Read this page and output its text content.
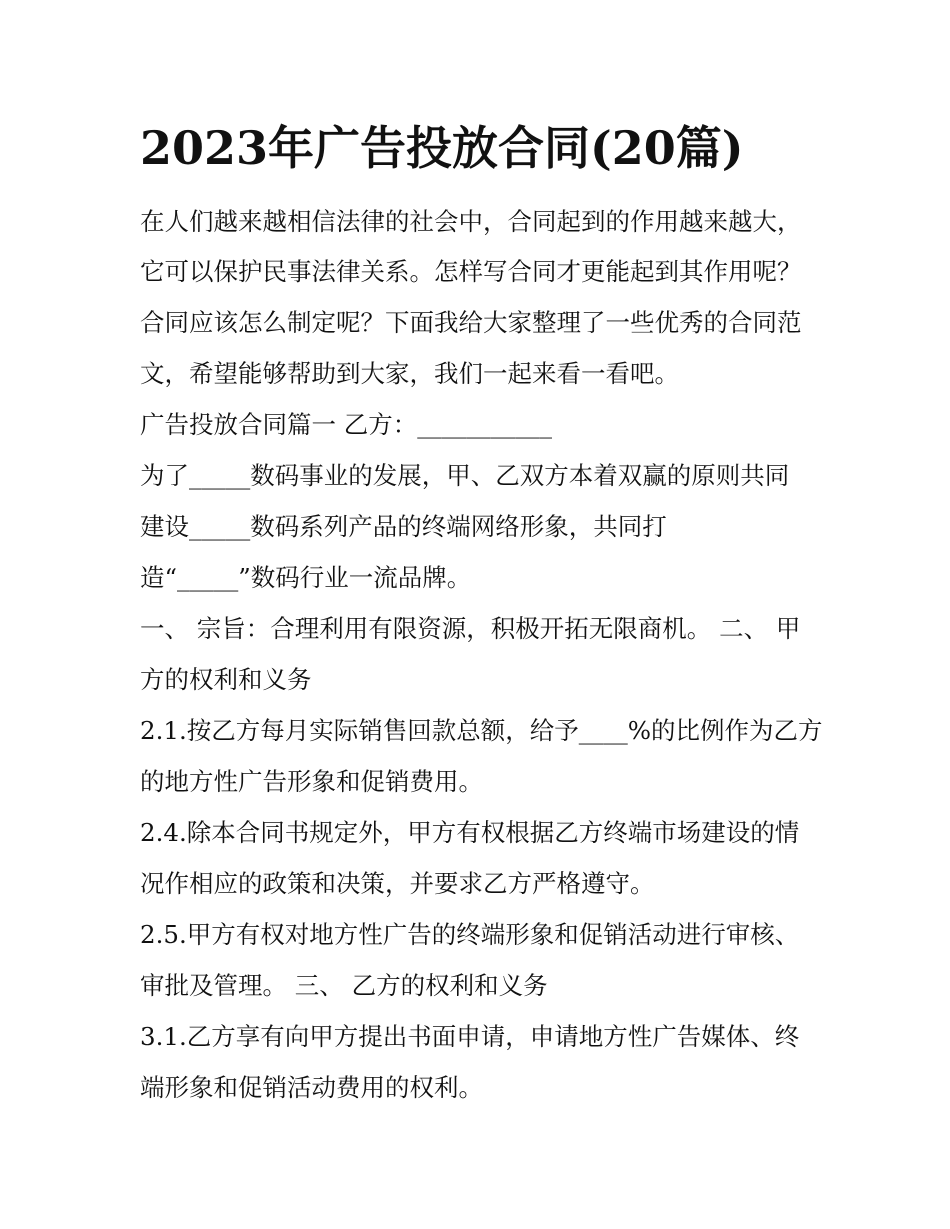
2023年广告投放合同(20篇)

在人们越来越相信法律的社会中，合同起到的作用越来越大，

它可以保护民事法律关系。怎样写合同才更能起到其作用呢？

合同应该怎么制定呢？下面我给大家整理了一些优秀的合同范

文，希望能够帮助到大家，我们一起来看一看吧。

广告投放合同篇一 乙方：___________

为了_____数码事业的发展，甲、乙双方本着双赢的原则共同

建设_____数码系列产品的终端网络形象，共同打

造“_____”数码行业一流品牌。

一、 宗旨：合理利用有限资源，积极开拓无限商机。 二、 甲

方的权利和义务

2.1.按乙方每月实际销售回款总额，给予____%的比例作为乙方

的地方性广告形象和促销费用。

2.4.除本合同书规定外，甲方有权根据乙方终端市场建设的情

况作相应的政策和决策，并要求乙方严格遵守。

2.5.甲方有权对地方性广告的终端形象和促销活动进行审核、

审批及管理。 三、 乙方的权利和义务

3.1.乙方享有向甲方提出书面申请，申请地方性广告媒体、终

端形象和促销活动费用的权利。
